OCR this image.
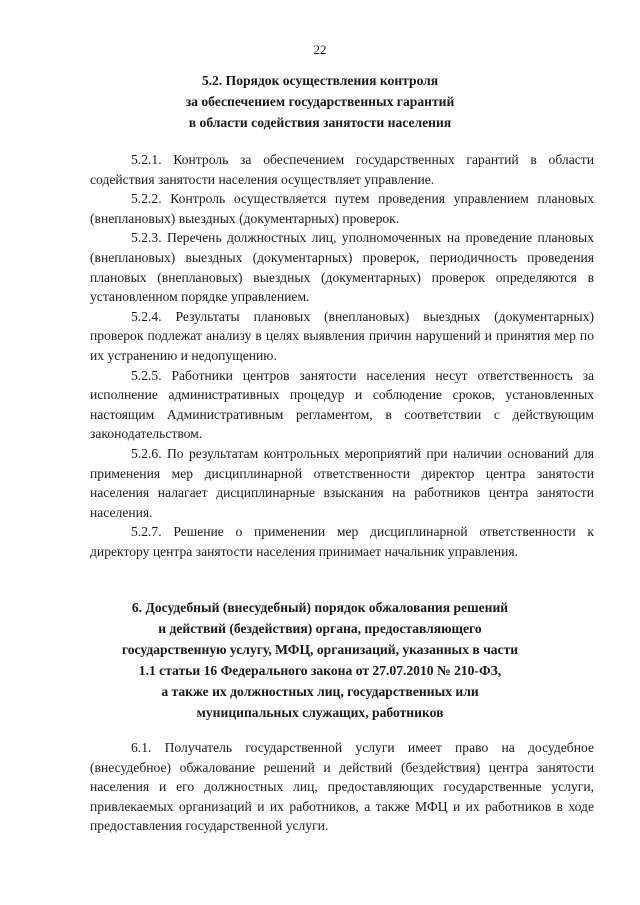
22
5.2. Порядок осуществления контроля
за обеспечением государственных гарантий
в области содействия занятости населения

5.2.1. Контроль за обеспечением государственных гарантий в области содействия занятости населения осуществляет управление.

5.2.2. Контроль осуществляется путем проведения управлением плановых (внеплановых) выездных (документарных) проверок.

5.2.3. Перечень должностных лиц, уполномоченных на проведение плановых (внеплановых) выездных (документарных) проверок, периодичность проведения плановых (внеплановых) выездных (документарных) проверок определяются в установленном порядке управлением.

5.2.4. Результаты плановых (внеплановых) выездных (документарных) проверок подлежат анализу в целях выявления причин нарушений и принятия мер по их устранению и недопущению.

5.2.5. Работники центров занятости населения несут ответственность за исполнение административных процедур и соблюдение сроков, установленных настоящим Административным регламентом, в соответствии с действующим законодательством.

5.2.6. По результатам контрольных мероприятий при наличии оснований для применения мер дисциплинарной ответственности директор центра занятости населения налагает дисциплинарные взыскания на работников центра занятости населения.

5.2.7. Решение о применении мер дисциплинарной ответственности к директору центра занятости населения принимает начальник управления.

6. Досудебный (внесудебный) порядок обжалования решений
и действий (бездействия) органа, предоставляющего
государственную услугу, МФЦ, организаций, указанных в части
1.1 статьи 16 Федерального закона от 27.07.2010 № 210-ФЗ,
а также их должностных лиц, государственных или
муниципальных служащих, работников

6.1. Получатель государственной услуги имеет право на досудебное (внесудебное) обжалование решений и действий (бездействия) центра занятости населения и его должностных лиц, предоставляющих государственные услуги, привлекаемых организаций и их работников, а также МФЦ и их работников в ходе предоставления государственной услуги.
